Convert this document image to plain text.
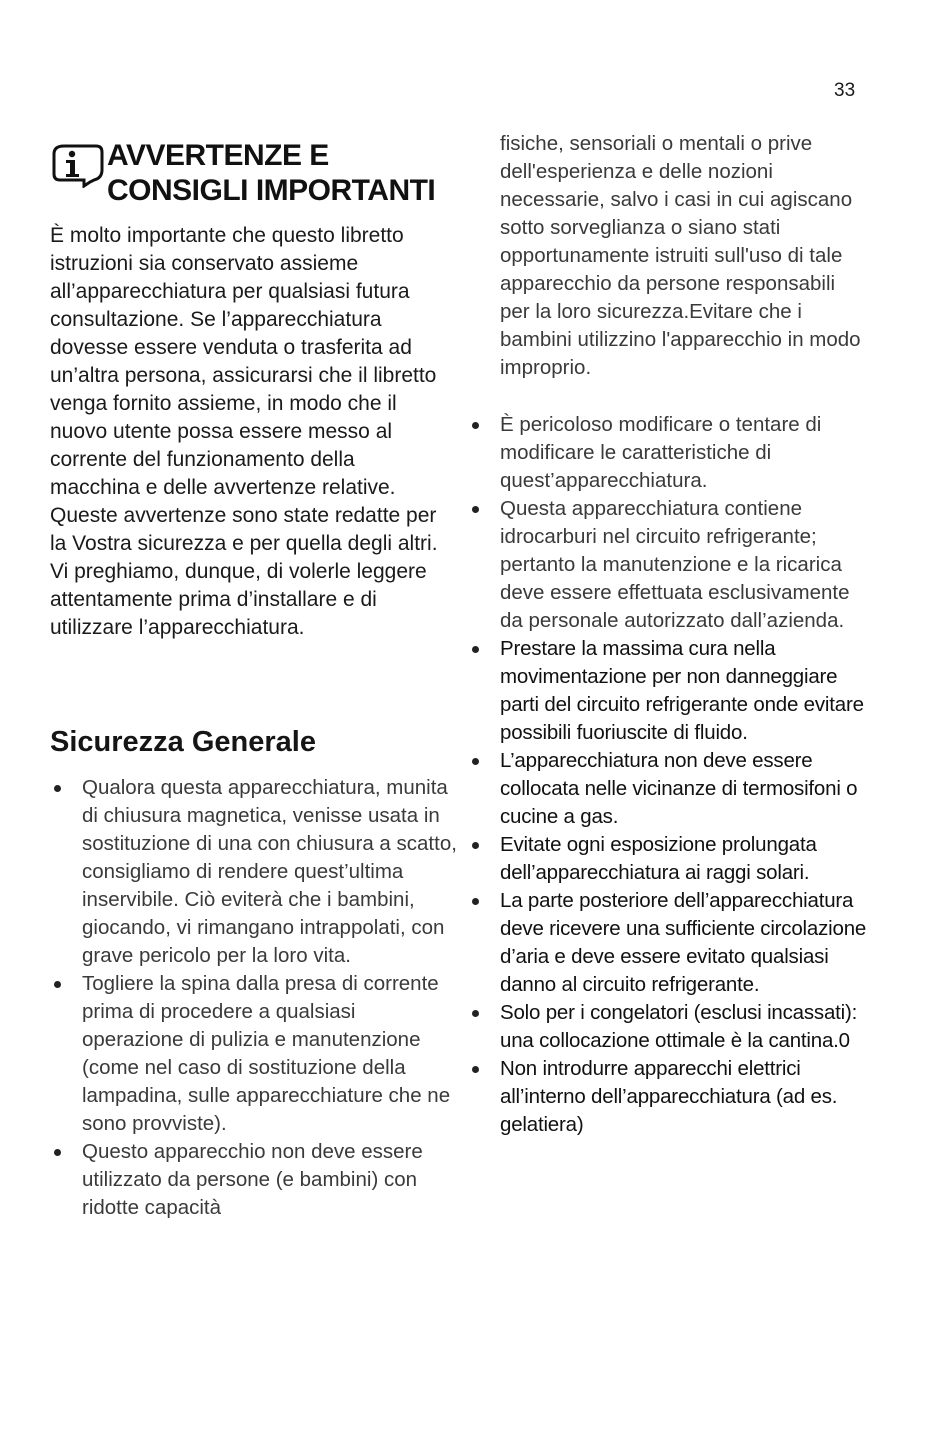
33
AVVERTENZE E
CONSIGLI IMPORTANTI

È molto importante che questo libretto istruzioni sia conservato assieme all’apparecchiatura per qualsiasi futura consultazione. Se l’apparecchiatura dovesse essere venduta o trasferita ad un’altra persona, assicurarsi che il libretto venga fornito assieme, in modo che il nuovo utente possa essere messo al corrente del funzionamento della macchina e delle avvertenze relative.

Queste avvertenze sono state redatte per la Vostra sicurezza e per quella degli altri. Vi preghiamo, dunque, di volerle leggere attentamente prima d’installare e di utilizzare l’apparecchiatura.

Sicurezza Generale
Qualora questa apparecchiatura, munita di chiusura magnetica, venisse usata in sostituzione di una con chiusura a scatto, consigliamo di rendere quest’ultima inservibile. Ciò eviterà che i bambini, giocando, vi rimangano intrappolati, con grave pericolo per la loro vita.
Togliere la spina dalla presa di corrente prima di procedere a qualsiasi operazione di pulizia e manutenzione (come nel caso di sostituzione della lampadina, sulle apparecchiature che ne sono provviste).
Questo apparecchio non deve essere utilizzato da persone (e bambini) con ridotte capacità
fisiche, sensoriali o mentali o prive dell'esperienza e delle nozioni necessarie, salvo i casi in cui agiscano sotto sorveglianza o siano stati opportunamente istruiti sull'uso di tale apparecchio da persone responsabili per la loro sicurezza.Evitare che i bambini utilizzino l'apparecchio in modo improprio.
È pericoloso modificare o tentare di modificare le caratteristiche di quest’apparecchiatura.
Questa apparecchiatura contiene idrocarburi nel circuito refrigerante; pertanto la manutenzione e la ricarica deve essere effettuata esclusivamente da personale autorizzato dall’azienda.
Prestare la massima cura nella movimentazione per non danneggiare parti del circuito refrigerante onde evitare possibili fuoriuscite di fluido.
L’apparecchiatura non deve essere collocata nelle vicinanze di termosifoni o cucine a gas.
Evitate ogni esposizione prolungata dell’apparecchiatura ai raggi solari.
La parte posteriore dell’apparecchiatura deve ricevere una sufficiente circolazione d’aria e deve essere evitato qualsiasi danno al circuito refrigerante.
Solo per i congelatori (esclusi incassati): una collocazione ottimale è la cantina.0
Non introdurre apparecchi elettrici all’interno dell’apparecchiatura (ad es. gelatiera)
